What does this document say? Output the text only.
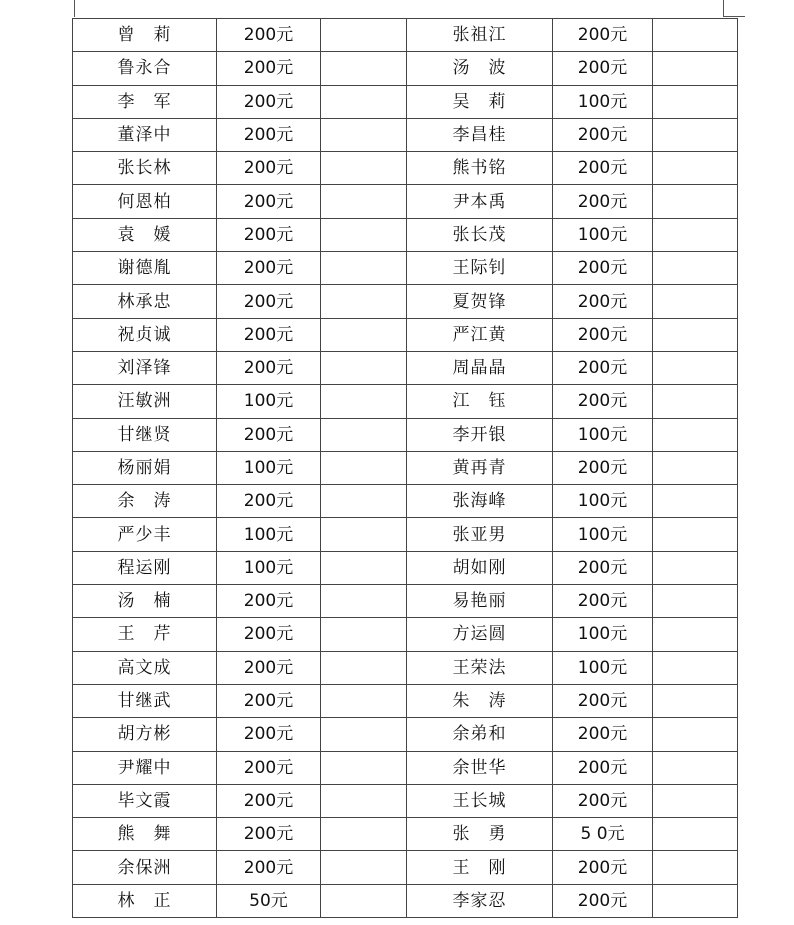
曾　莉	200元		张祖江	200元	
鲁永合	200元		汤　波	200元	
李　军	200元		吴　莉	100元	
董泽中	200元		李昌桂	200元	
张长林	200元		熊书铭	200元	
何恩柏	200元		尹本禹	200元	
袁　媛	200元		张长茂	100元	
谢德胤	200元		王际钊	200元	
林承忠	200元		夏贺锋	200元	
祝贞诚	200元		严江黄	200元	
刘泽锋	200元		周晶晶	200元	
汪敏洲	100元		江　钰	200元	
甘继贤	200元		李开银	100元	
杨丽娟	100元		黄再青	200元	
余　涛	200元		张海峰	100元	
严少丰	100元		张亚男	100元	
程运刚	100元		胡如刚	200元	
汤　楠	200元		易艳丽	200元	
王　芹	200元		方运圆	100元	
高文成	200元		王荣法	100元	
甘继武	200元		朱　涛	200元	
胡方彬	200元		余弟和	200元	
尹耀中	200元		余世华	200元	
毕文霞	200元		王长城	200元	
熊　舞	200元		张　勇	5 0元	
余保洲	200元		王　刚	200元	
林　正	50元		李家忍	200元	
